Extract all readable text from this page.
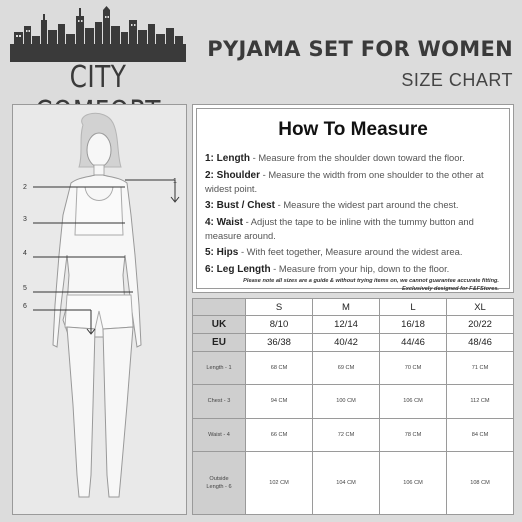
CITY
PYJAMA SET FOR WOMEN
SIZE CHART
2
1
3
4
5
6
How To Measure
1: Length - Measure from the shoulder down toward the floor.
2: Shoulder - Measure the width from one shoulder to the other at widest point.
3: Bust / Chest - Measure the widest part around the chest.
4: Waist - Adjust the tape to be inline with the tummy button and measure around.
5: Hips - With feet together, Measure around the widest area.
6: Leg Length - Measure from your hip, down to the floor.
Please note all sizes are a guide & without trying items on, we cannot guarantee accurate fitting.
Exclusively designed for F&FStores.
	S	M	L	XL
UK	8/10	12/14	16/18	20/22
EU	36/38	40/42	44/46	48/46
Length - 1	68 CM	69 CM	70 CM	71 CM
Chest - 3	94 CM	100 CM	106 CM	112 CM
Waist - 4	66 CM	72 CM	78 CM	84 CM

Outside
Length - 6	102 CM	104 CM	106 CM	108 CM
